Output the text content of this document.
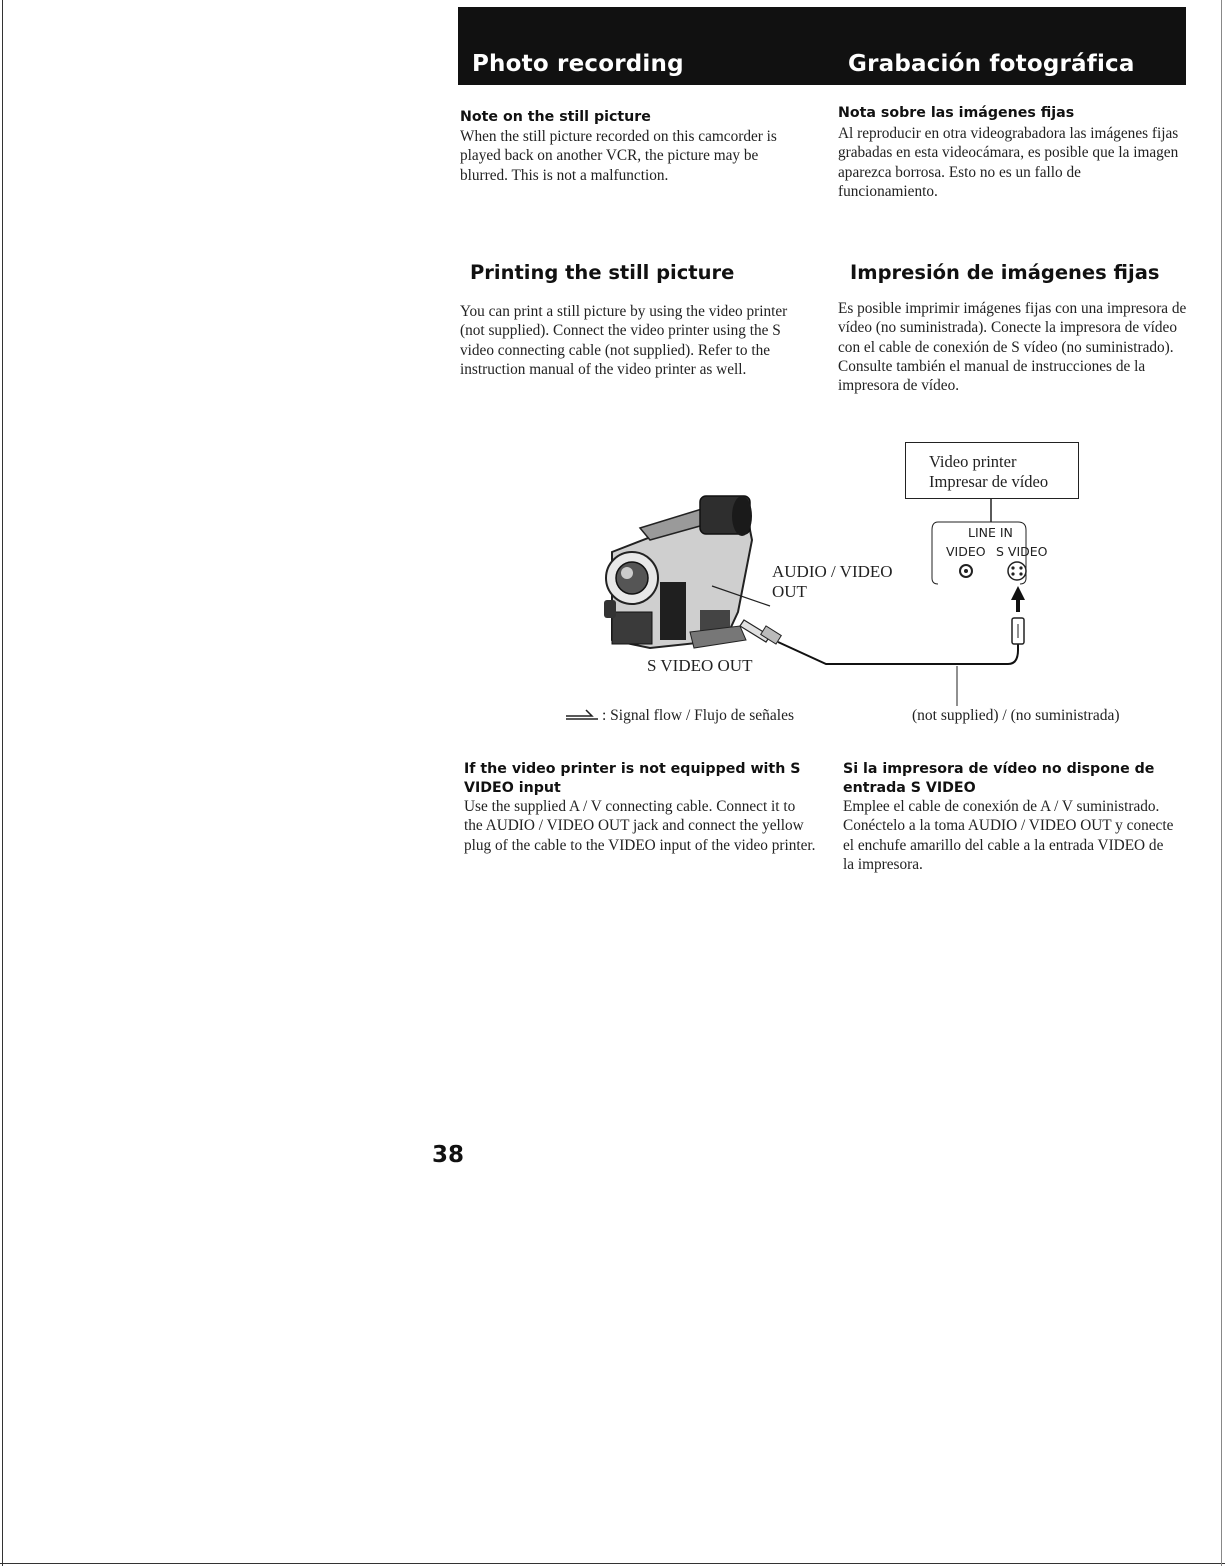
Photo recording	Grabación fotográfica
Note on the still picture

When the still picture recorded on this camcorder is played back on another VCR, the picture may be blurred. This is not a malfunction.

Nota sobre las imágenes fijas

Al reproducir en otra videograbadora las imágenes fijas grabadas en esta videocámara, es posible que la imagen aparezca borrosa. Esto no es un fallo de funcionamiento.

Printing the still picture

You can print a still picture by using the video printer (not supplied). Connect the video printer using the S video connecting cable (not supplied). Refer to the instruction manual of the video printer as well.

Impresión de imágenes fijas

Es posible imprimir imágenes fijas con una impresora de vídeo (no suministrada). Conecte la impresora de vídeo con el cable de conexión de S vídeo (no suministrado). Consulte también el manual de instrucciones de la impresora de vídeo.

Video printer
Impresar de vídeo
LINE IN
VIDEO S VIDEO
AUDIO / VIDEO
OUT
S VIDEO OUT
: Signal flow / Flujo de señales	(not supplied) / (no suministrada)
If the video printer is not equipped with S VIDEO input

Use the supplied A / V connecting cable. Connect it to the AUDIO / VIDEO OUT jack and connect the yellow plug of the cable to the VIDEO input of the video printer.

Si la impresora de vídeo no dispone de entrada S VIDEO

Emplee el cable de conexión de A / V suministrado. Conéctelo a la toma AUDIO / VIDEO OUT y conecte el enchufe amarillo del cable a la entrada VIDEO de la impresora.

38
